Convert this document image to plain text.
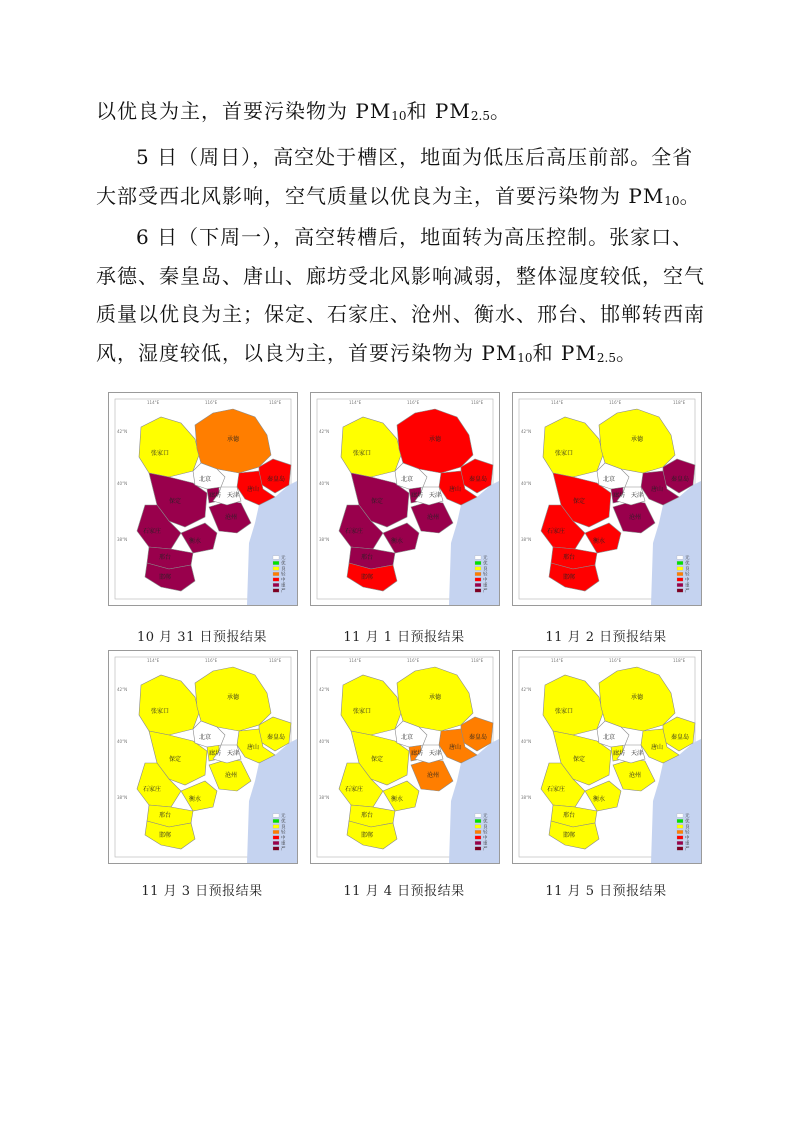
以优良为主，首要污染物为 PM10和 PM2.5。
5 日（周日），高空处于槽区，地面为低压后高压前部。全省大部受西北风影响，空气质量以优良为主，首要污染物为 PM10。
6 日（下周一），高空转槽后，地面转为高压控制。张家口、承德、秦皇岛、唐山、廊坊受北风影响减弱，整体湿度较低，空气质量以优良为主；保定、石家庄、沧州、衡水、邢台、邯郸转西南风，湿度较低，以良为主，首要污染物为 PM10和 PM2.5。
张家口
承德
秦皇岛
唐山
北京
天津
廊坊
保定
沧州
石家庄
衡水
邢台
邯郸
114°E	116°E	118°E
42°N
40°N
38°N
无
优
良
轻
中
重
严
10 月 31 日预报结果
张家口
承德
秦皇岛
唐山
北京
天津
廊坊
保定
沧州
石家庄
衡水
邢台
邯郸
114°E	116°E	118°E
42°N
40°N
38°N
无
优
良
轻
中
重
严
11 月 1 日预报结果
张家口
承德
秦皇岛
唐山
北京
天津
廊坊
保定
沧州
石家庄
衡水
邢台
邯郸
114°E	116°E	118°E
42°N
40°N
38°N
无
优
良
轻
中
重
严
11 月 2 日预报结果
张家口
承德
秦皇岛
唐山
北京
天津
廊坊
保定
沧州
石家庄
衡水
邢台
邯郸
114°E	116°E	118°E
42°N
40°N
38°N
无
优
良
轻
中
重
严
11 月 3 日预报结果
张家口
承德
秦皇岛
唐山
北京
天津
廊坊
保定
沧州
石家庄
衡水
邢台
邯郸
114°E	116°E	118°E
42°N
40°N
38°N
无
优
良
轻
中
重
严
11 月 4 日预报结果
张家口
承德
秦皇岛
唐山
北京
天津
廊坊
保定
沧州
石家庄
衡水
邢台
邯郸
114°E	116°E	118°E
42°N
40°N
38°N
无
优
良
轻
中
重
严
11 月 5 日预报结果
